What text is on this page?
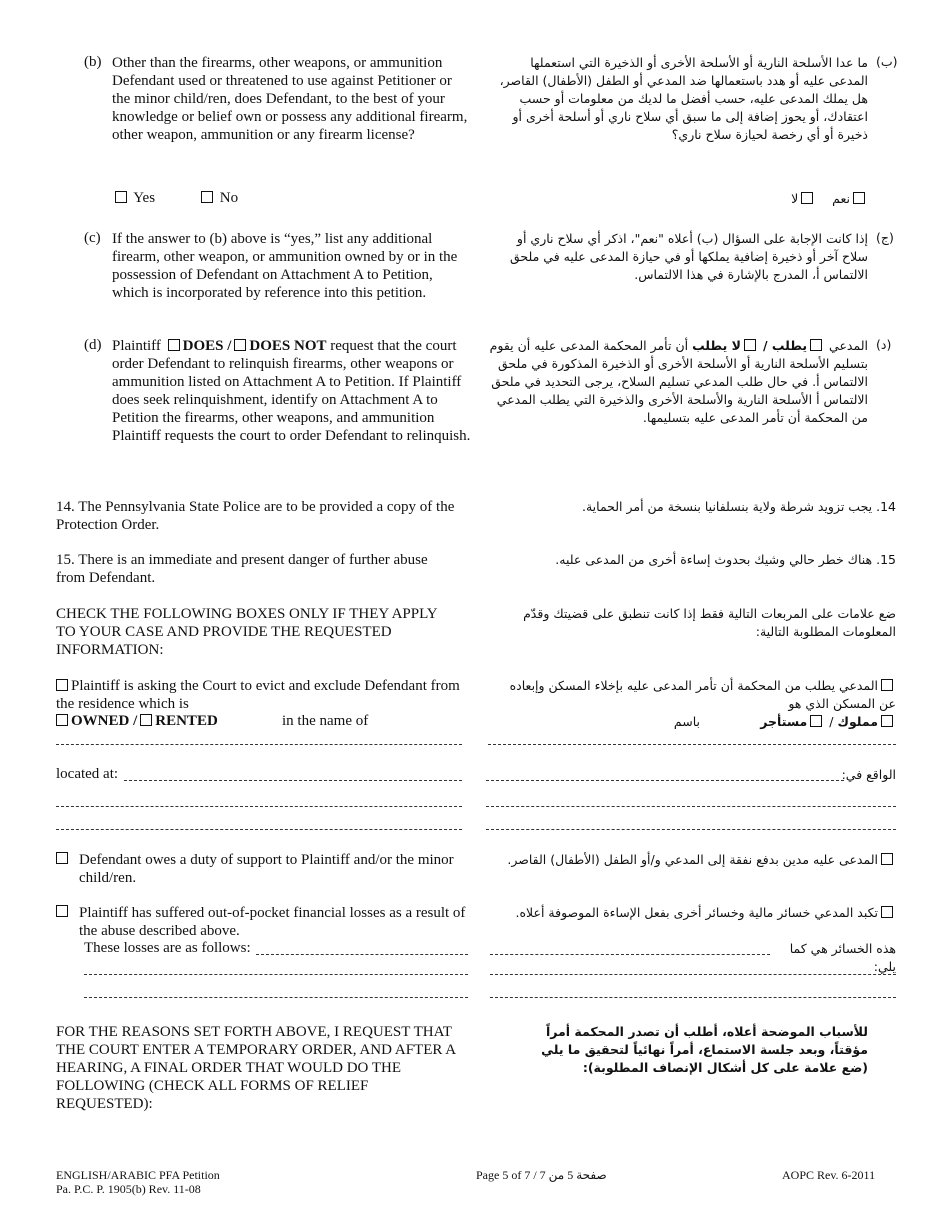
(b) Other than the firearms, other weapons, or ammunition Defendant used or threatened to use against Petitioner or the minor child/ren, does Defendant, to the best of your knowledge or belief own or possess any additional firearm, other weapon, ammunition or any firearm license?
ما عدا الأسلحة النارية أو الأسلحة الأخرى أو الذخيرة التي استعملها المدعى عليه أو هدد باستعمالها ضد المدعي أو الطفل (الأطفال) القاصر، هل يملك المدعى عليه، حسب أفضل ما لديك من معلومات أو حسب اعتقادك، أو يحوز إضافة إلى ما سبق أي سلاح ناري أو أسلحة أخرى أو ذخيرة أو أي رخصة لحيازة سلاح ناري؟
(ب)
Yes	No	نعم    لا
(c) If the answer to (b) above is “yes,” list any additional firearm, other weapon, or ammunition owned by or in the possession of Defendant on Attachment A to Petition, which is incorporated by reference into this petition.
إذا كانت الإجابة على السؤال (ب) أعلاه "نعم"، اذكر أي سلاح ناري أو سلاح آخر أو ذخيرة إضافية يملكها أو في حيازة المدعى عليه في ملحق الالتماس أ، المدرج بالإشارة في هذا الالتماس.
(ج)
(d) Plaintiff DOES / DOES NOT request that the court order Defendant to relinquish firearms, other weapons or ammunition listed on Attachment A to Petition. If Plaintiff does seek relinquishment, identify on Attachment A to Petition the firearms, other weapons, and ammunition Plaintiff requests the court to order Defendant to relinquish.
المدعي يطلب / لا يطلب أن تأمر المحكمة المدعى عليه أن يقوم بتسليم الأسلحة النارية أو الأسلحة الأخرى أو الذخيرة المذكورة في ملحق الالتماس أ. في حال طلب المدعي تسليم السلاح، يرجى التحديد في ملحق الالتماس أ الأسلحة النارية والأسلحة الأخرى والذخيرة التي يطلب المدعي من المحكمة أن تأمر المدعى عليه بتسليمها.
(د)
14. The Pennsylvania State Police are to be provided a copy of the Protection Order.
14. يجب تزويد شرطة ولاية بنسلفانيا بنسخة من أمر الحماية.
15. There is an immediate and present danger of further abuse from Defendant.
15. هناك خطر حالي وشيك بحدوث إساءة أخرى من المدعى عليه.
CHECK THE FOLLOWING BOXES ONLY IF THEY APPLY TO YOUR CASE AND PROVIDE THE REQUESTED INFORMATION:
ضع علامات على المربعات التالية فقط إذا كانت تنطبق على قضيتك وقدّم المعلومات المطلوبة التالية:
Plaintiff is asking the Court to evict and exclude Defendant from the residence which is
OWNED / RENTED	in the name of
المدعي يطلب من المحكمة أن تأمر المدعى عليه بإخلاء المسكن وإبعاده عن المسكن الذي هو
مملوك / مستأجر
باسم
located at:	الواقع في:
Defendant owes a duty of support to Plaintiff and/or the minor child/ren.
المدعى عليه مدين بدفع نفقة إلى المدعي و/أو الطفل (الأطفال) القاصر.
Plaintiff has suffered out-of-pocket financial losses as a result of the abuse described above.
These losses are as follows:
تكبد المدعي خسائر مالية وخسائر أخرى بفعل الإساءة الموصوفة أعلاه.
هذه الخسائر هي كما يلي:
FOR THE REASONS SET FORTH ABOVE, I REQUEST THAT THE COURT ENTER A TEMPORARY ORDER, AND AFTER A HEARING, A FINAL ORDER THAT WOULD DO THE FOLLOWING (CHECK ALL FORMS OF RELIEF REQUESTED):
للأسباب الموضحة أعلاه، أطلب أن تصدر المحكمة أمراً مؤقتاً، وبعد جلسة الاستماع، أمراً نهائياً لتحقيق ما يلي (ضع علامة على كل أشكال الإنصاف المطلوبة):
ENGLISH/ARABIC PFA Petition
Pa. P.C. P. 1905(b) Rev. 11-08
Page 5 of 7 / 7 صفحة 5 من	AOPC Rev. 6-2011
